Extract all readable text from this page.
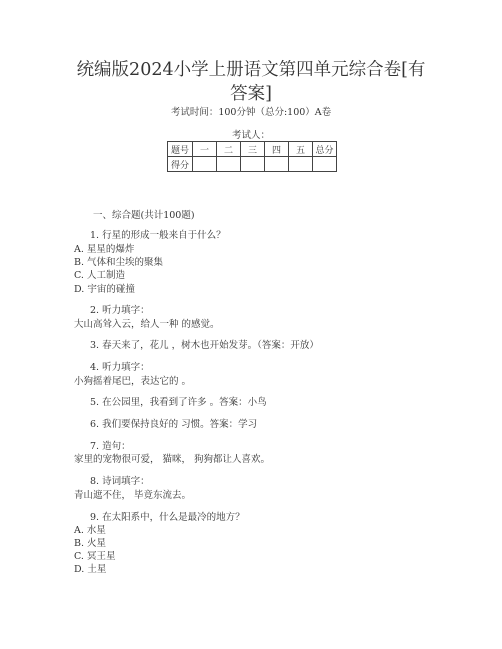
统编版2024小学上册语文第四单元综合卷[有
答案]
考试时间：100分钟（总分:100）A卷
考试人：
题号	一	二	三	四	五	总分
得分						
一、综合题(共计100题)
1. 行星的形成一般来自于什么？
A. 星星的爆炸
B. 气体和尘埃的聚集
C. 人工制造
D. 宇宙的碰撞
2. 听力填字：
大山高耸入云，给人一种 的感觉。
3. 春天来了，花儿 ，树木也开始发芽。（答案：开放）
4. 听力填字：
小狗摇着尾巴，表达它的 。
5. 在公园里，我看到了许多 。答案：小鸟
6. 我们要保持良好的 习惯。答案：学习
7. 造句：
家里的宠物很可爱， 猫咪， 狗狗都让人喜欢。
8. 诗词填字：
青山遮不住， 毕竟东流去。
9. 在太阳系中，什么是最冷的地方？
A. 水星
B. 火星
C. 冥王星
D. 土星
